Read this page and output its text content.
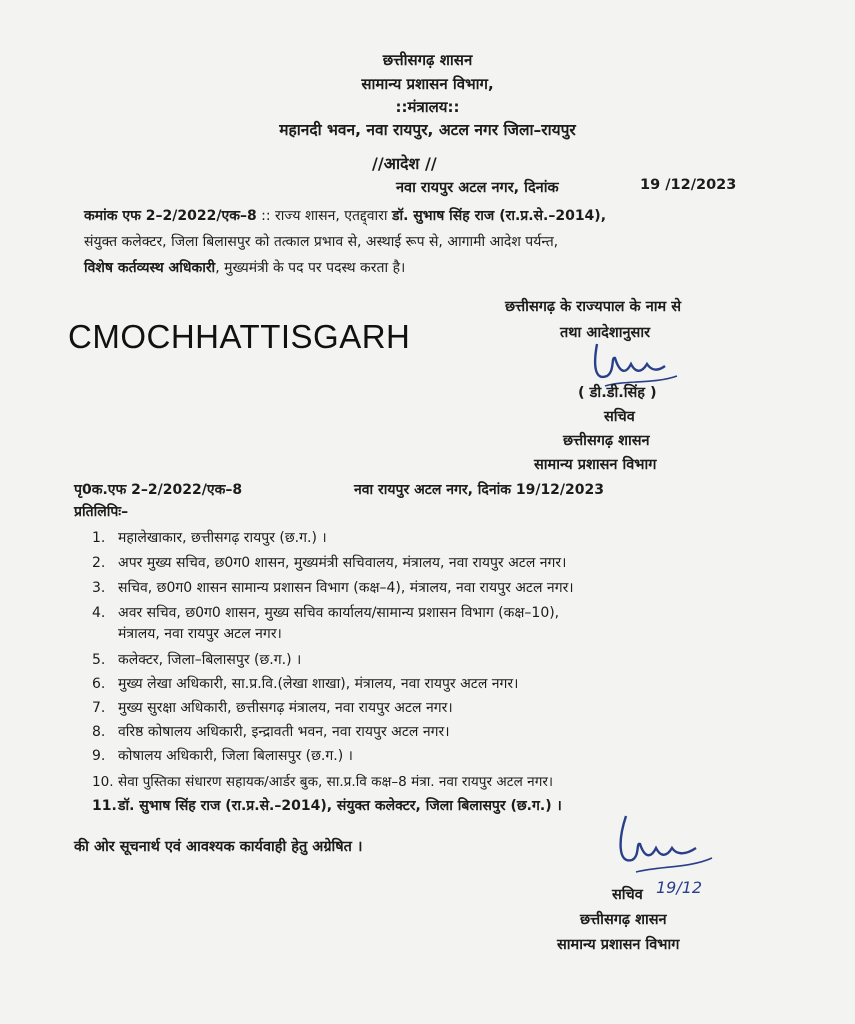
छत्तीसगढ़ शासन
सामान्य प्रशासन विभाग,
::मंत्रालय::
महानदी भवन, नवा रायपुर, अटल नगर जिला–रायपुर
//आदेश //
नवा रायपुर अटल नगर, दिनांक	19 /12/2023
कमांक एफ 2–2/2022/एक–8 :: राज्य शासन, एतद्द्वारा डॉ. सुभाष सिंह राज (रा.प्र.से.–2014),
संयुक्त कलेक्टर, जिला बिलासपुर को तत्काल प्रभाव से, अस्थाई रूप से, आगामी आदेश पर्यन्त,
विशेष कर्तव्यस्थ अधिकारी, मुख्यमंत्री के पद पर पदस्थ करता है।
छत्तीसगढ़ के राज्यपाल के नाम से
तथा आदेशानुसार
CMOCHHATTISGARH
( डी.डी.सिंह )
सचिव
छत्तीसगढ़ शासन
सामान्य प्रशासन विभाग
पृ0क.एफ 2–2/2022/एक–8	नवा रायपुर अटल नगर, दिनांक 19/12/2023
प्रतिलिपिः–
1. महालेखाकार, छत्तीसगढ़ रायपुर (छ.ग.) ।
2. अपर मुख्य सचिव, छ0ग0 शासन, मुख्यमंत्री सचिवालय, मंत्रालय, नवा रायपुर अटल नगर।
3. सचिव, छ0ग0 शासन सामान्य प्रशासन विभाग (कक्ष–4), मंत्रालय, नवा रायपुर अटल नगर।
4. अवर सचिव, छ0ग0 शासन, मुख्य सचिव कार्यालय/सामान्य प्रशासन विभाग (कक्ष–10),
मंत्रालय, नवा रायपुर अटल नगर।
5. कलेक्टर, जिला–बिलासपुर (छ.ग.) ।
6. मुख्य लेखा अधिकारी, सा.प्र.वि.(लेखा शाखा), मंत्रालय, नवा रायपुर अटल नगर।
7. मुख्य सुरक्षा अधिकारी, छत्तीसगढ़ मंत्रालय, नवा रायपुर अटल नगर।
8. वरिष्ठ कोषालय अधिकारी, इन्द्रावती भवन, नवा रायपुर अटल नगर।
9. कोषालय अधिकारी, जिला बिलासपुर (छ.ग.) ।
10. सेवा पुस्तिका संधारण सहायक/आर्डर बुक, सा.प्र.वि कक्ष–8 मंत्रा. नवा रायपुर अटल नगर।
11.डॉ. सुभाष सिंह राज (रा.प्र.से.–2014), संयुक्त कलेक्टर, जिला बिलासपुर (छ.ग.) ।
की ओर सूचनार्थ एवं आवश्यक कार्यवाही हेतु अग्रेषित ।
सचिव 19/12
छत्तीसगढ़ शासन
सामान्य प्रशासन विभाग
